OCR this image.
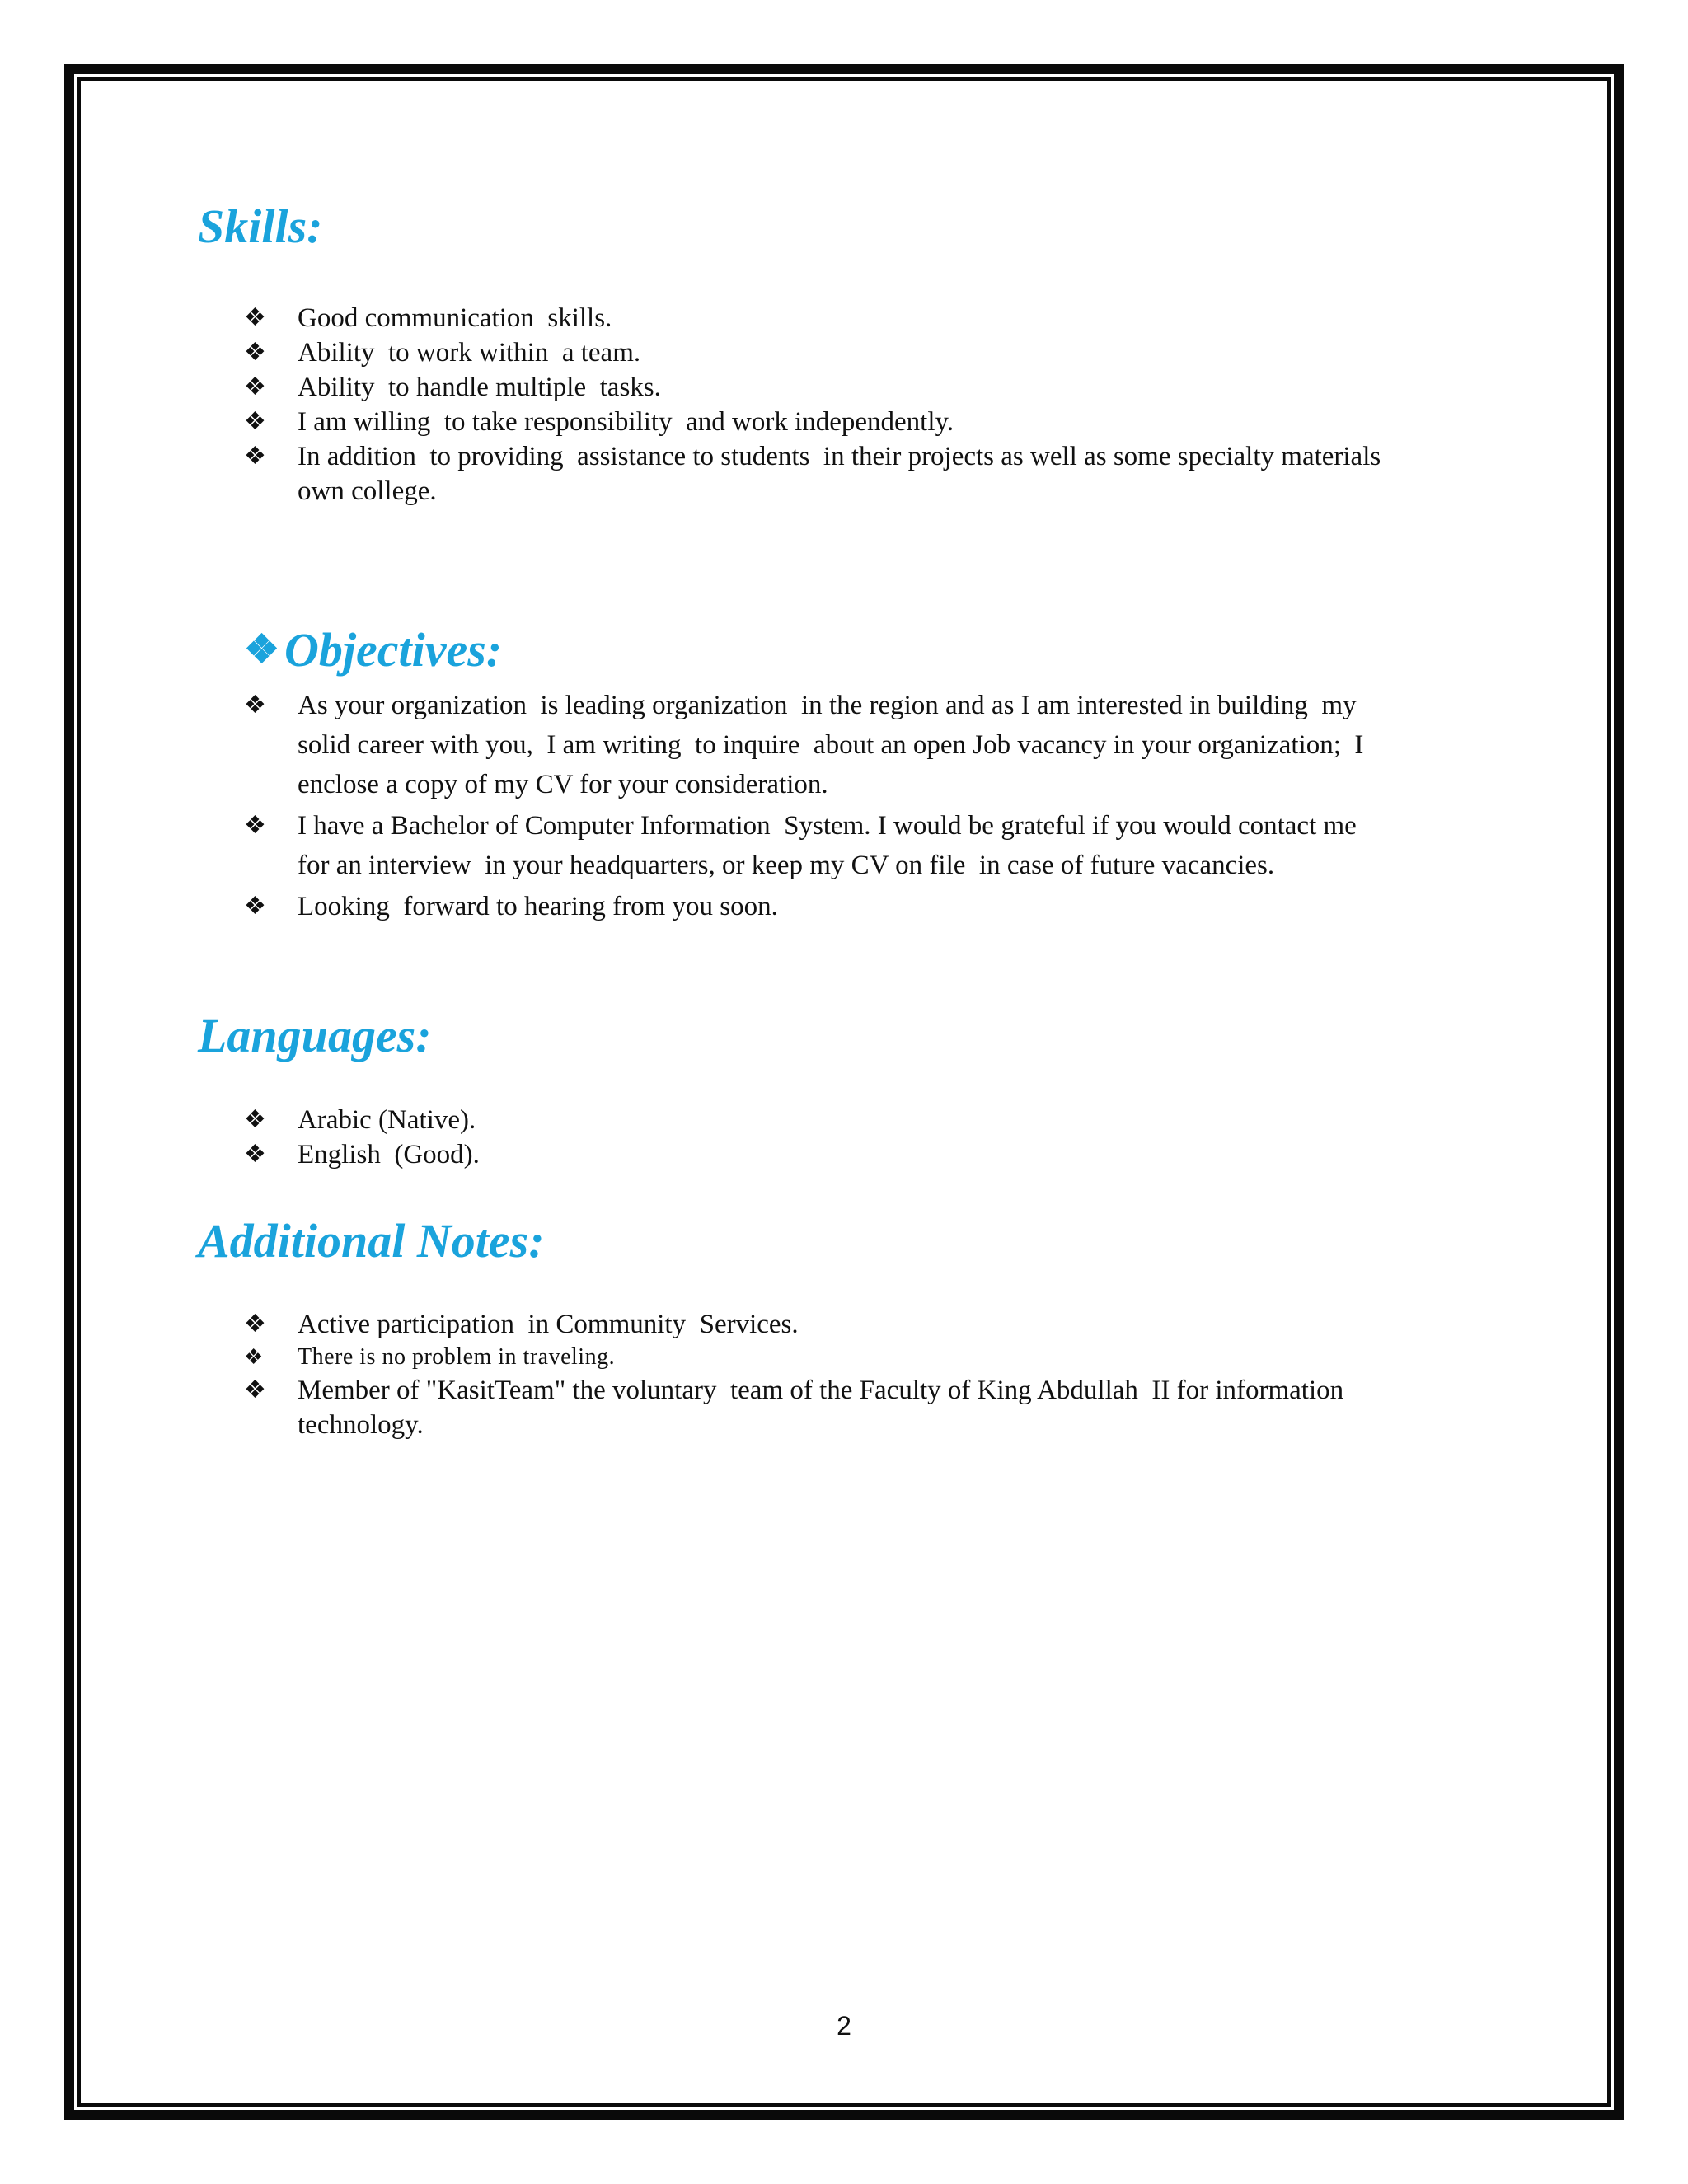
Skills:
❖ Good communication  skills.
❖ Ability  to work within  a team.
❖ Ability  to handle multiple  tasks.
❖ I am willing  to take responsibility  and work independently.
❖ In addition  to providing  assistance to students  in their projects as well as some specialty materials
own college.
❖ Objectives:
❖ As your organization  is leading organization  in the region and as I am interested in building  my
solid career with you,  I am writing  to inquire  about an open Job vacancy in your organization;  I
enclose a copy of my CV for your consideration.
❖ I have a Bachelor of Computer Information  System. I would be grateful if you would contact me
for an interview  in your headquarters, or keep my CV on file  in case of future vacancies.
❖ Looking  forward to hearing from you soon.
Languages:
❖ Arabic (Native).
❖ English  (Good).
Additional Notes:
❖ Active participation  in Community  Services.
❖ There is no problem in traveling.
❖ Member of "KasitTeam" the voluntary  team of the Faculty of King Abdullah  II for information
technology.
2
